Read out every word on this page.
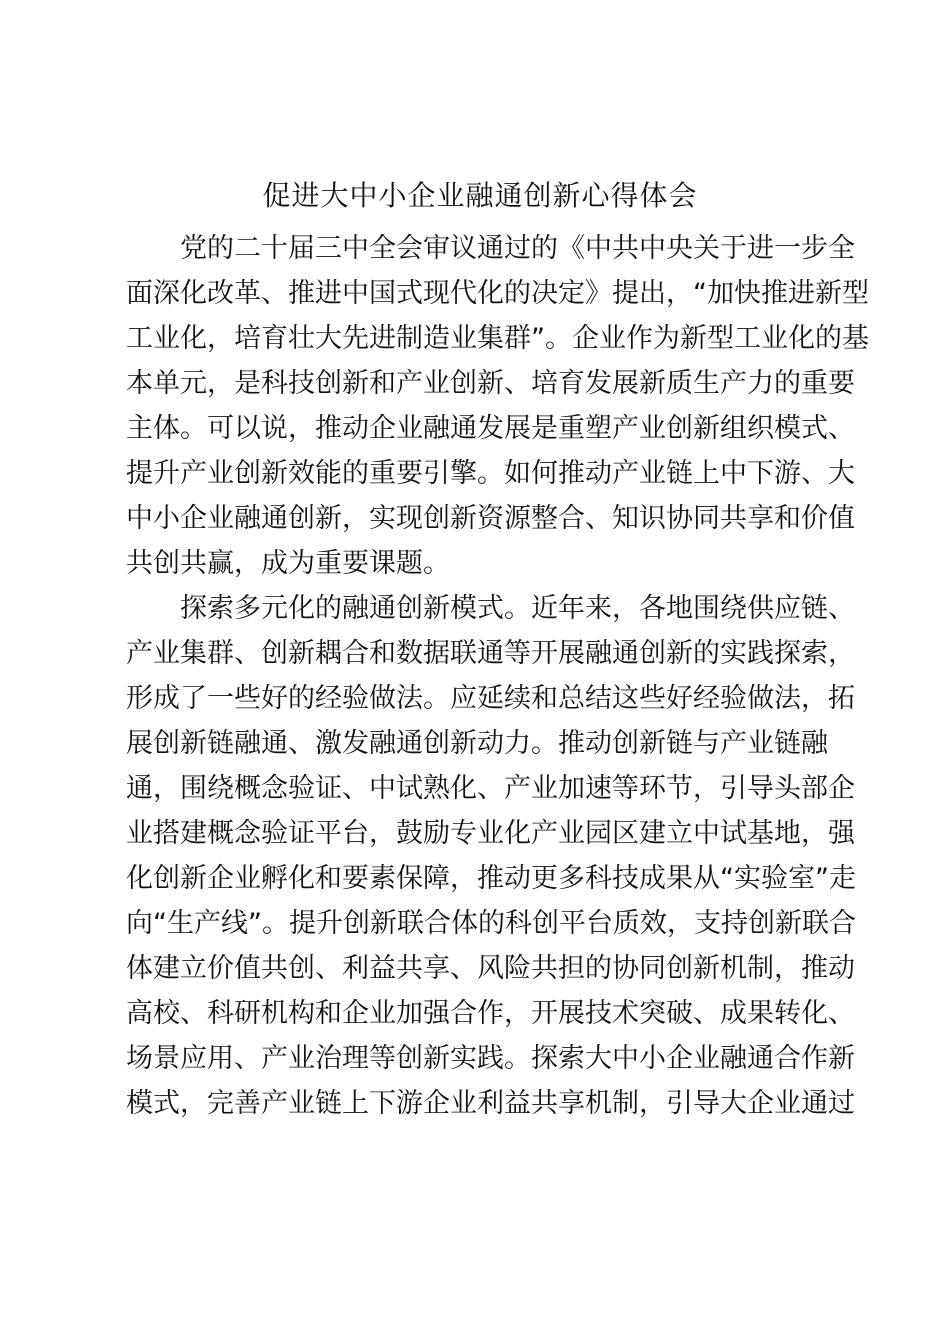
促进大中小企业融通创新心得体会
党的二十届三中全会审议通过的《中共中央关于进一步全
面深化改革、推进中国式现代化的决定》提出，“加快推进新型
工业化，培育壮大先进制造业集群”。企业作为新型工业化的基
本单元，是科技创新和产业创新、培育发展新质生产力的重要
主体。可以说，推动企业融通发展是重塑产业创新组织模式、
提升产业创新效能的重要引擎。如何推动产业链上中下游、大
中小企业融通创新，实现创新资源整合、知识协同共享和价值
共创共赢，成为重要课题。
探索多元化的融通创新模式。近年来，各地围绕供应链、
产业集群、创新耦合和数据联通等开展融通创新的实践探索，
形成了一些好的经验做法。应延续和总结这些好经验做法，拓
展创新链融通、激发融通创新动力。推动创新链与产业链融
通，围绕概念验证、中试熟化、产业加速等环节，引导头部企
业搭建概念验证平台，鼓励专业化产业园区建立中试基地，强
化创新企业孵化和要素保障，推动更多科技成果从“实验室”走
向“生产线”。提升创新联合体的科创平台质效，支持创新联合
体建立价值共创、利益共享、风险共担的协同创新机制，推动
高校、科研机构和企业加强合作，开展技术突破、成果转化、
场景应用、产业治理等创新实践。探索大中小企业融通合作新
模式，完善产业链上下游企业利益共享机制，引导大企业通过
